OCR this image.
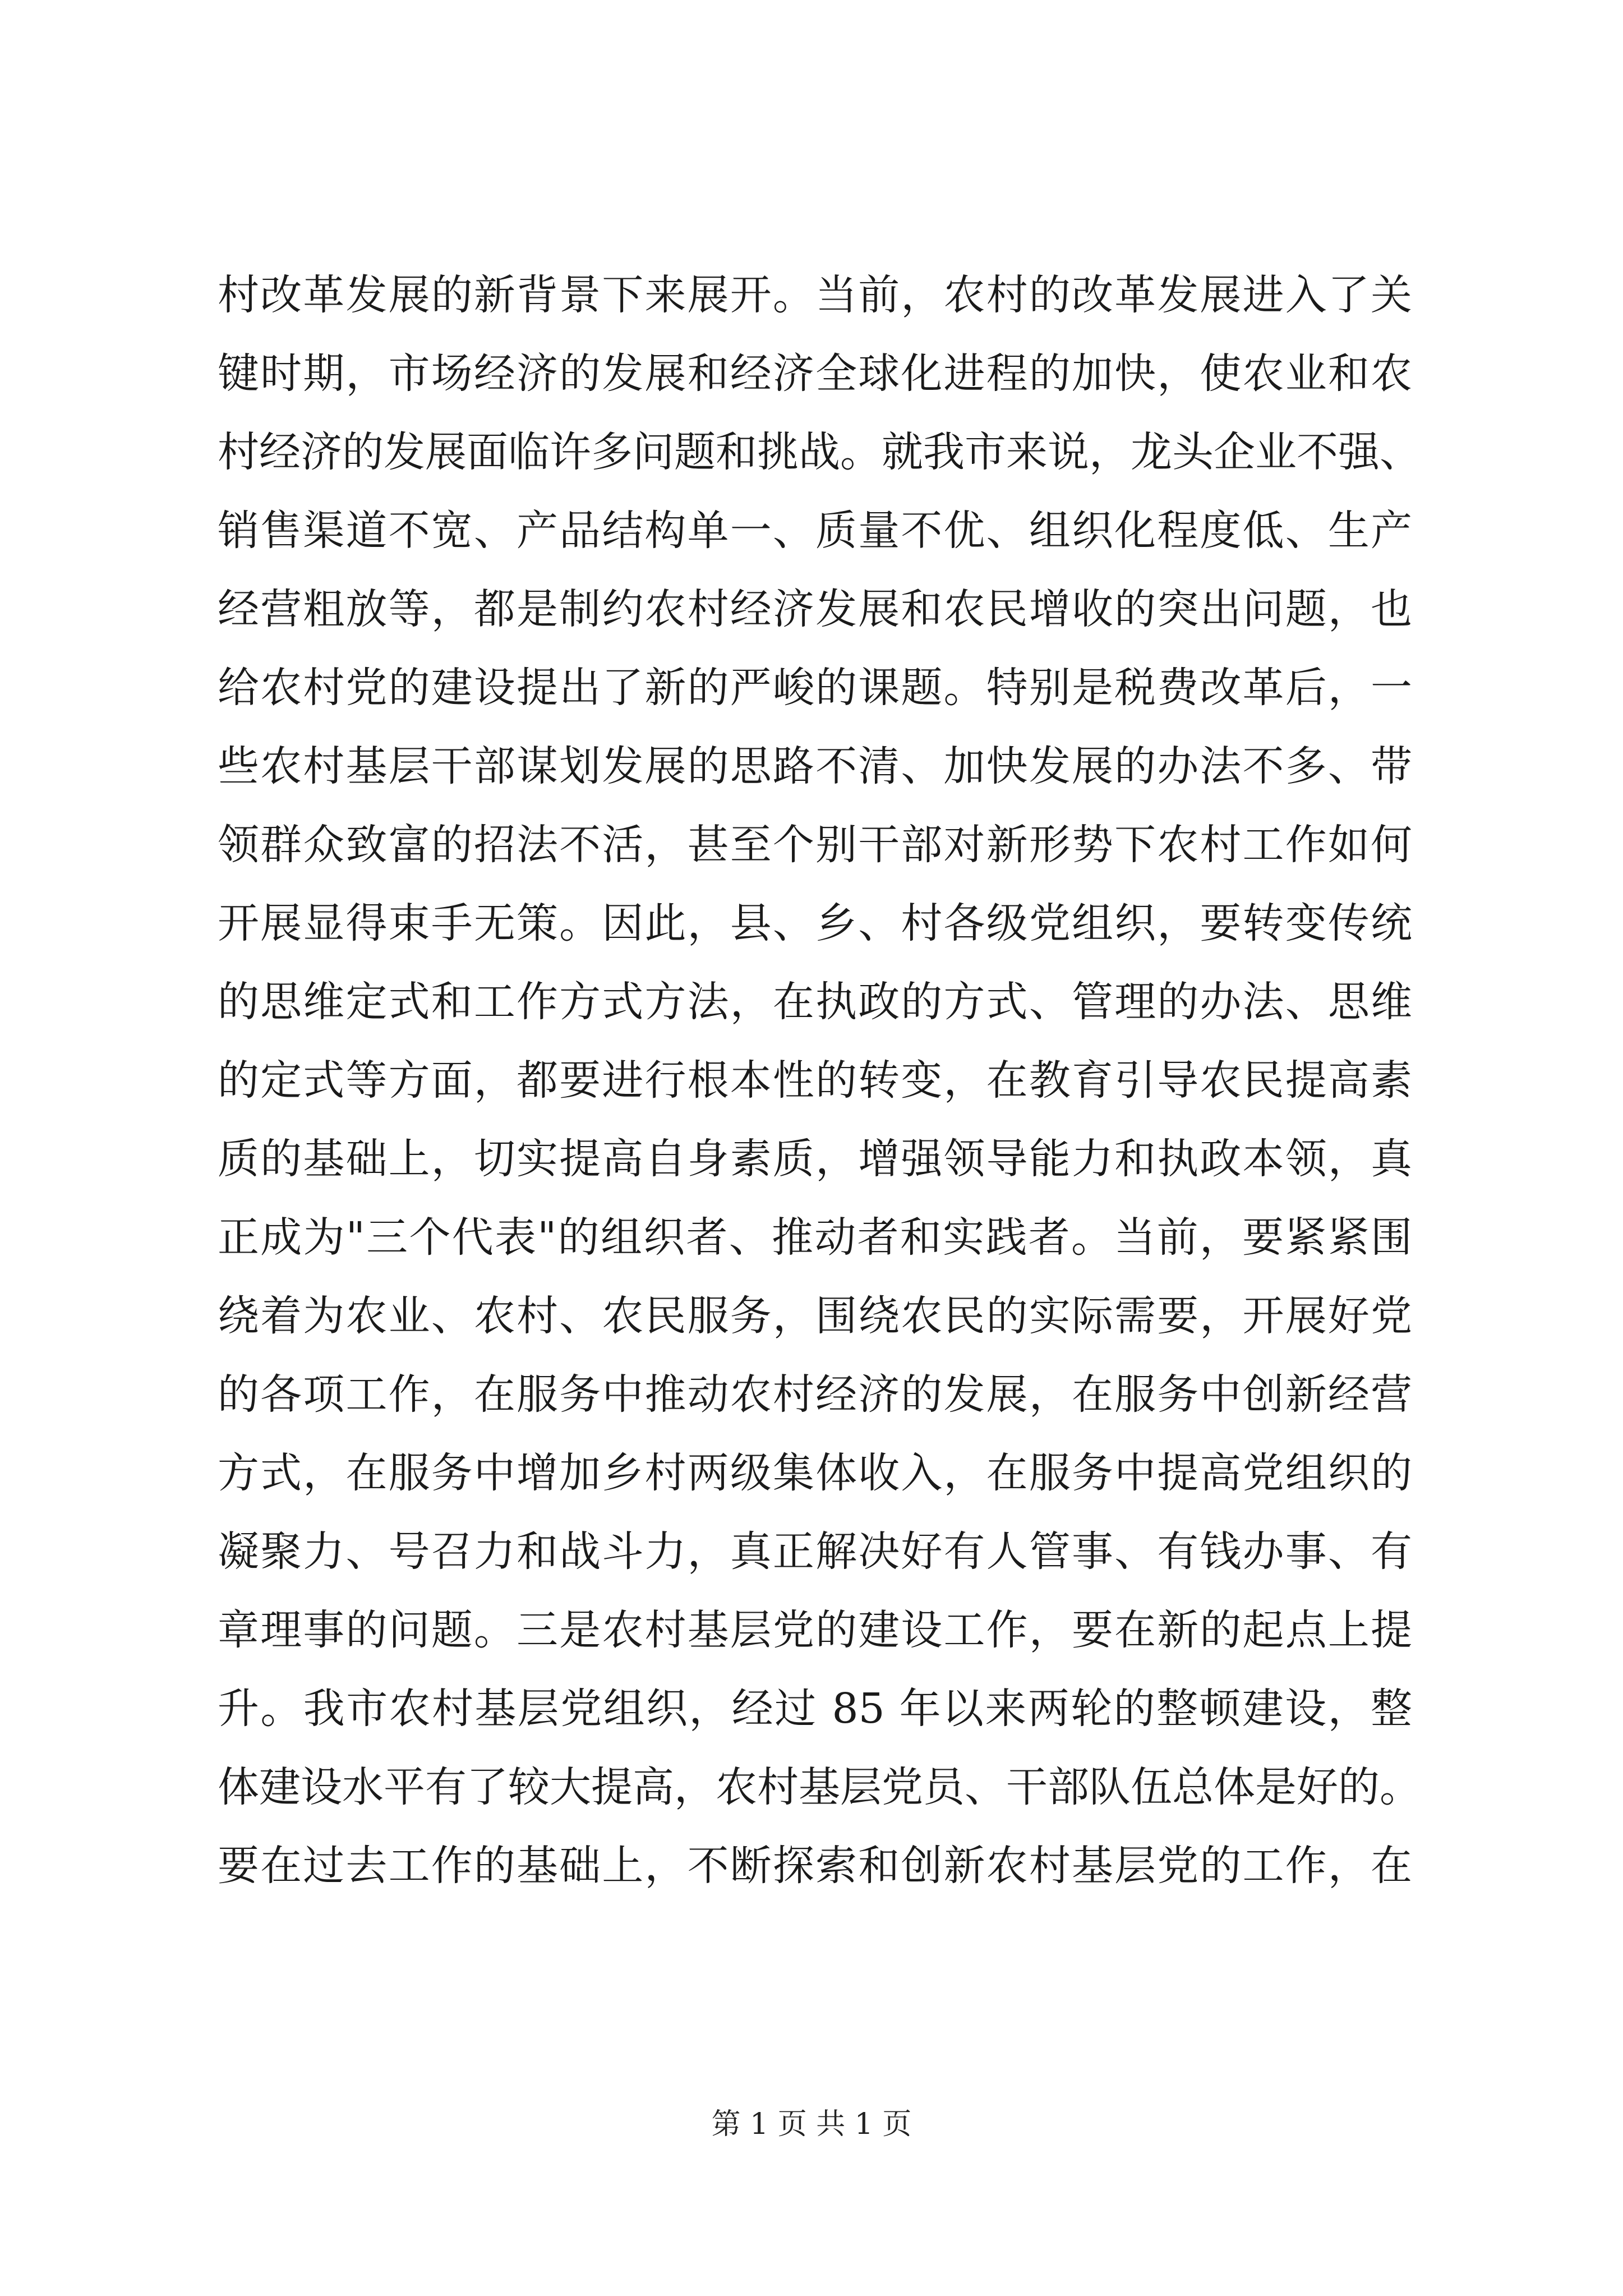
村改革发展的新背景下来展开。当前，农村的改革发展进入了关
键时期，市场经济的发展和经济全球化进程的加快，使农业和农
村经济的发展面临许多问题和挑战。就我市来说，龙头企业不强、
销售渠道不宽、产品结构单一、质量不优、组织化程度低、生产
经营粗放等，都是制约农村经济发展和农民增收的突出问题，也
给农村党的建设提出了新的严峻的课题。特别是税费改革后，一
些农村基层干部谋划发展的思路不清、加快发展的办法不多、带
领群众致富的招法不活，甚至个别干部对新形势下农村工作如何
开展显得束手无策。因此，县、乡、村各级党组织，要转变传统
的思维定式和工作方式方法，在执政的方式、管理的办法、思维
的定式等方面，都要进行根本性的转变，在教育引导农民提高素
质的基础上，切实提高自身素质，增强领导能力和执政本领，真
正成为"三个代表"的组织者、推动者和实践者。当前，要紧紧围
绕着为农业、农村、农民服务，围绕农民的实际需要，开展好党
的各项工作，在服务中推动农村经济的发展，在服务中创新经营
方式，在服务中增加乡村两级集体收入，在服务中提高党组织的
凝聚力、号召力和战斗力，真正解决好有人管事、有钱办事、有
章理事的问题。三是农村基层党的建设工作，要在新的起点上提
升。我市农村基层党组织，经过 85 年以来两轮的整顿建设，整
体建设水平有了较大提高，农村基层党员、干部队伍总体是好的。
要在过去工作的基础上，不断探索和创新农村基层党的工作，在
第 1 页 共 1 页
